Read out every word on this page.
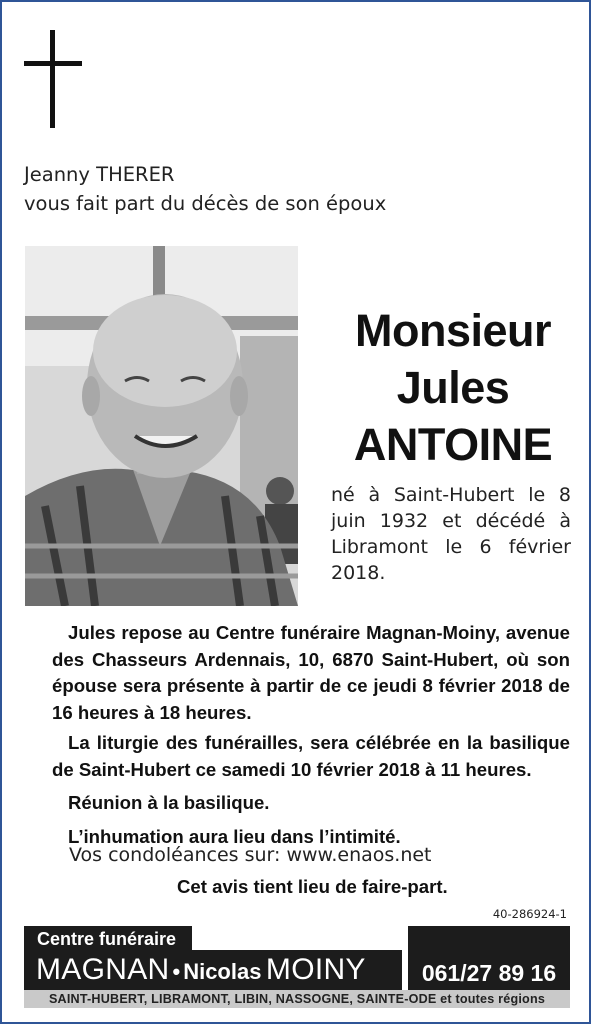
Jeanny THERER
vous fait part du décès de son époux
Monsieur
Jules
ANTOINE
né à Saint-Hubert le 8 juin 1932 et décédé à Libramont le 6 février 2018.

Jules repose au Centre funéraire Magnan-Moiny, avenue des Chasseurs Ardennais, 10, 6870 Saint-Hubert, où son épouse sera présente à partir de ce jeudi 8 février 2018 de 16 heures à 18 heures.

La liturgie des funérailles, sera célébrée en la basilique de Saint-Hubert ce samedi 10 février 2018 à 11 heures.

Réunion à la basilique.

L’inhumation aura lieu dans l’intimité.

Vos condoléances sur: www.enaos.net
Cet avis tient lieu de faire-part.
40-286924-1
Centre funéraire
MAGNAN • Nicolas MOINY	061/27 89 16
SAINT-HUBERT, LIBRAMONT, LIBIN, NASSOGNE, SAINTE-ODE et toutes régions
